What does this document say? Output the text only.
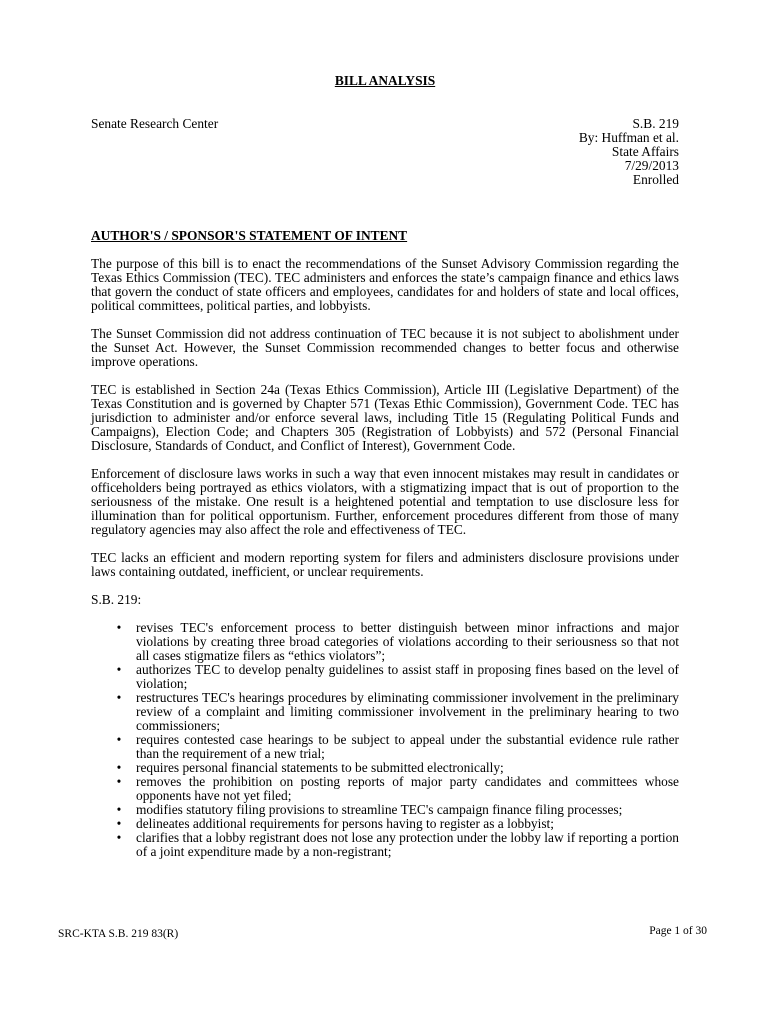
BILL ANALYSIS
Senate Research Center	S.B. 219
By: Huffman et al.
State Affairs
7/29/2013
Enrolled
AUTHOR'S / SPONSOR'S STATEMENT OF INTENT

The purpose of this bill is to enact the recommendations of the Sunset Advisory Commission regarding the Texas Ethics Commission (TEC). TEC administers and enforces the state’s campaign finance and ethics laws that govern the conduct of state officers and employees, candidates for and holders of state and local offices, political committees, political parties, and lobbyists.

The Sunset Commission did not address continuation of TEC because it is not subject to abolishment under the Sunset Act. However, the Sunset Commission recommended changes to better focus and otherwise improve operations.

TEC is established in Section 24a (Texas Ethics Commission), Article III (Legislative Department) of the Texas Constitution and is governed by Chapter 571 (Texas Ethic Commission), Government Code. TEC has jurisdiction to administer and/or enforce several laws, including Title 15 (Regulating Political Funds and Campaigns), Election Code; and Chapters 305 (Registration of Lobbyists) and 572 (Personal Financial Disclosure, Standards of Conduct, and Conflict of Interest), Government Code.

Enforcement of disclosure laws works in such a way that even innocent mistakes may result in candidates or officeholders being portrayed as ethics violators, with a stigmatizing impact that is out of proportion to the seriousness of the mistake. One result is a heightened potential and temptation to use disclosure less for illumination than for political opportunism. Further, enforcement procedures different from those of many regulatory agencies may also affect the role and effectiveness of TEC.

TEC lacks an efficient and modern reporting system for filers and administers disclosure provisions under laws containing outdated, inefficient, or unclear requirements.

S.B. 219:

• revises TEC's enforcement process to better distinguish between minor infractions and major violations by creating three broad categories of violations according to their seriousness so that not all cases stigmatize filers as “ethics violators”;
• authorizes TEC to develop penalty guidelines to assist staff in proposing fines based on the level of violation;
• restructures TEC's hearings procedures by eliminating commissioner involvement in the preliminary review of a complaint and limiting commissioner involvement in the preliminary hearing to two commissioners;
• requires contested case hearings to be subject to appeal under the substantial evidence rule rather than the requirement of a new trial;
• requires personal financial statements to be submitted electronically;
• removes the prohibition on posting reports of major party candidates and committees whose opponents have not yet filed;
• modifies statutory filing provisions to streamline TEC's campaign finance filing processes;
• delineates additional requirements for persons having to register as a lobbyist;
• clarifies that a lobby registrant does not lose any protection under the lobby law if reporting a portion of a joint expenditure made by a non-registrant;
SRC-KTA S.B. 219 83(R)	Page 1 of 30
